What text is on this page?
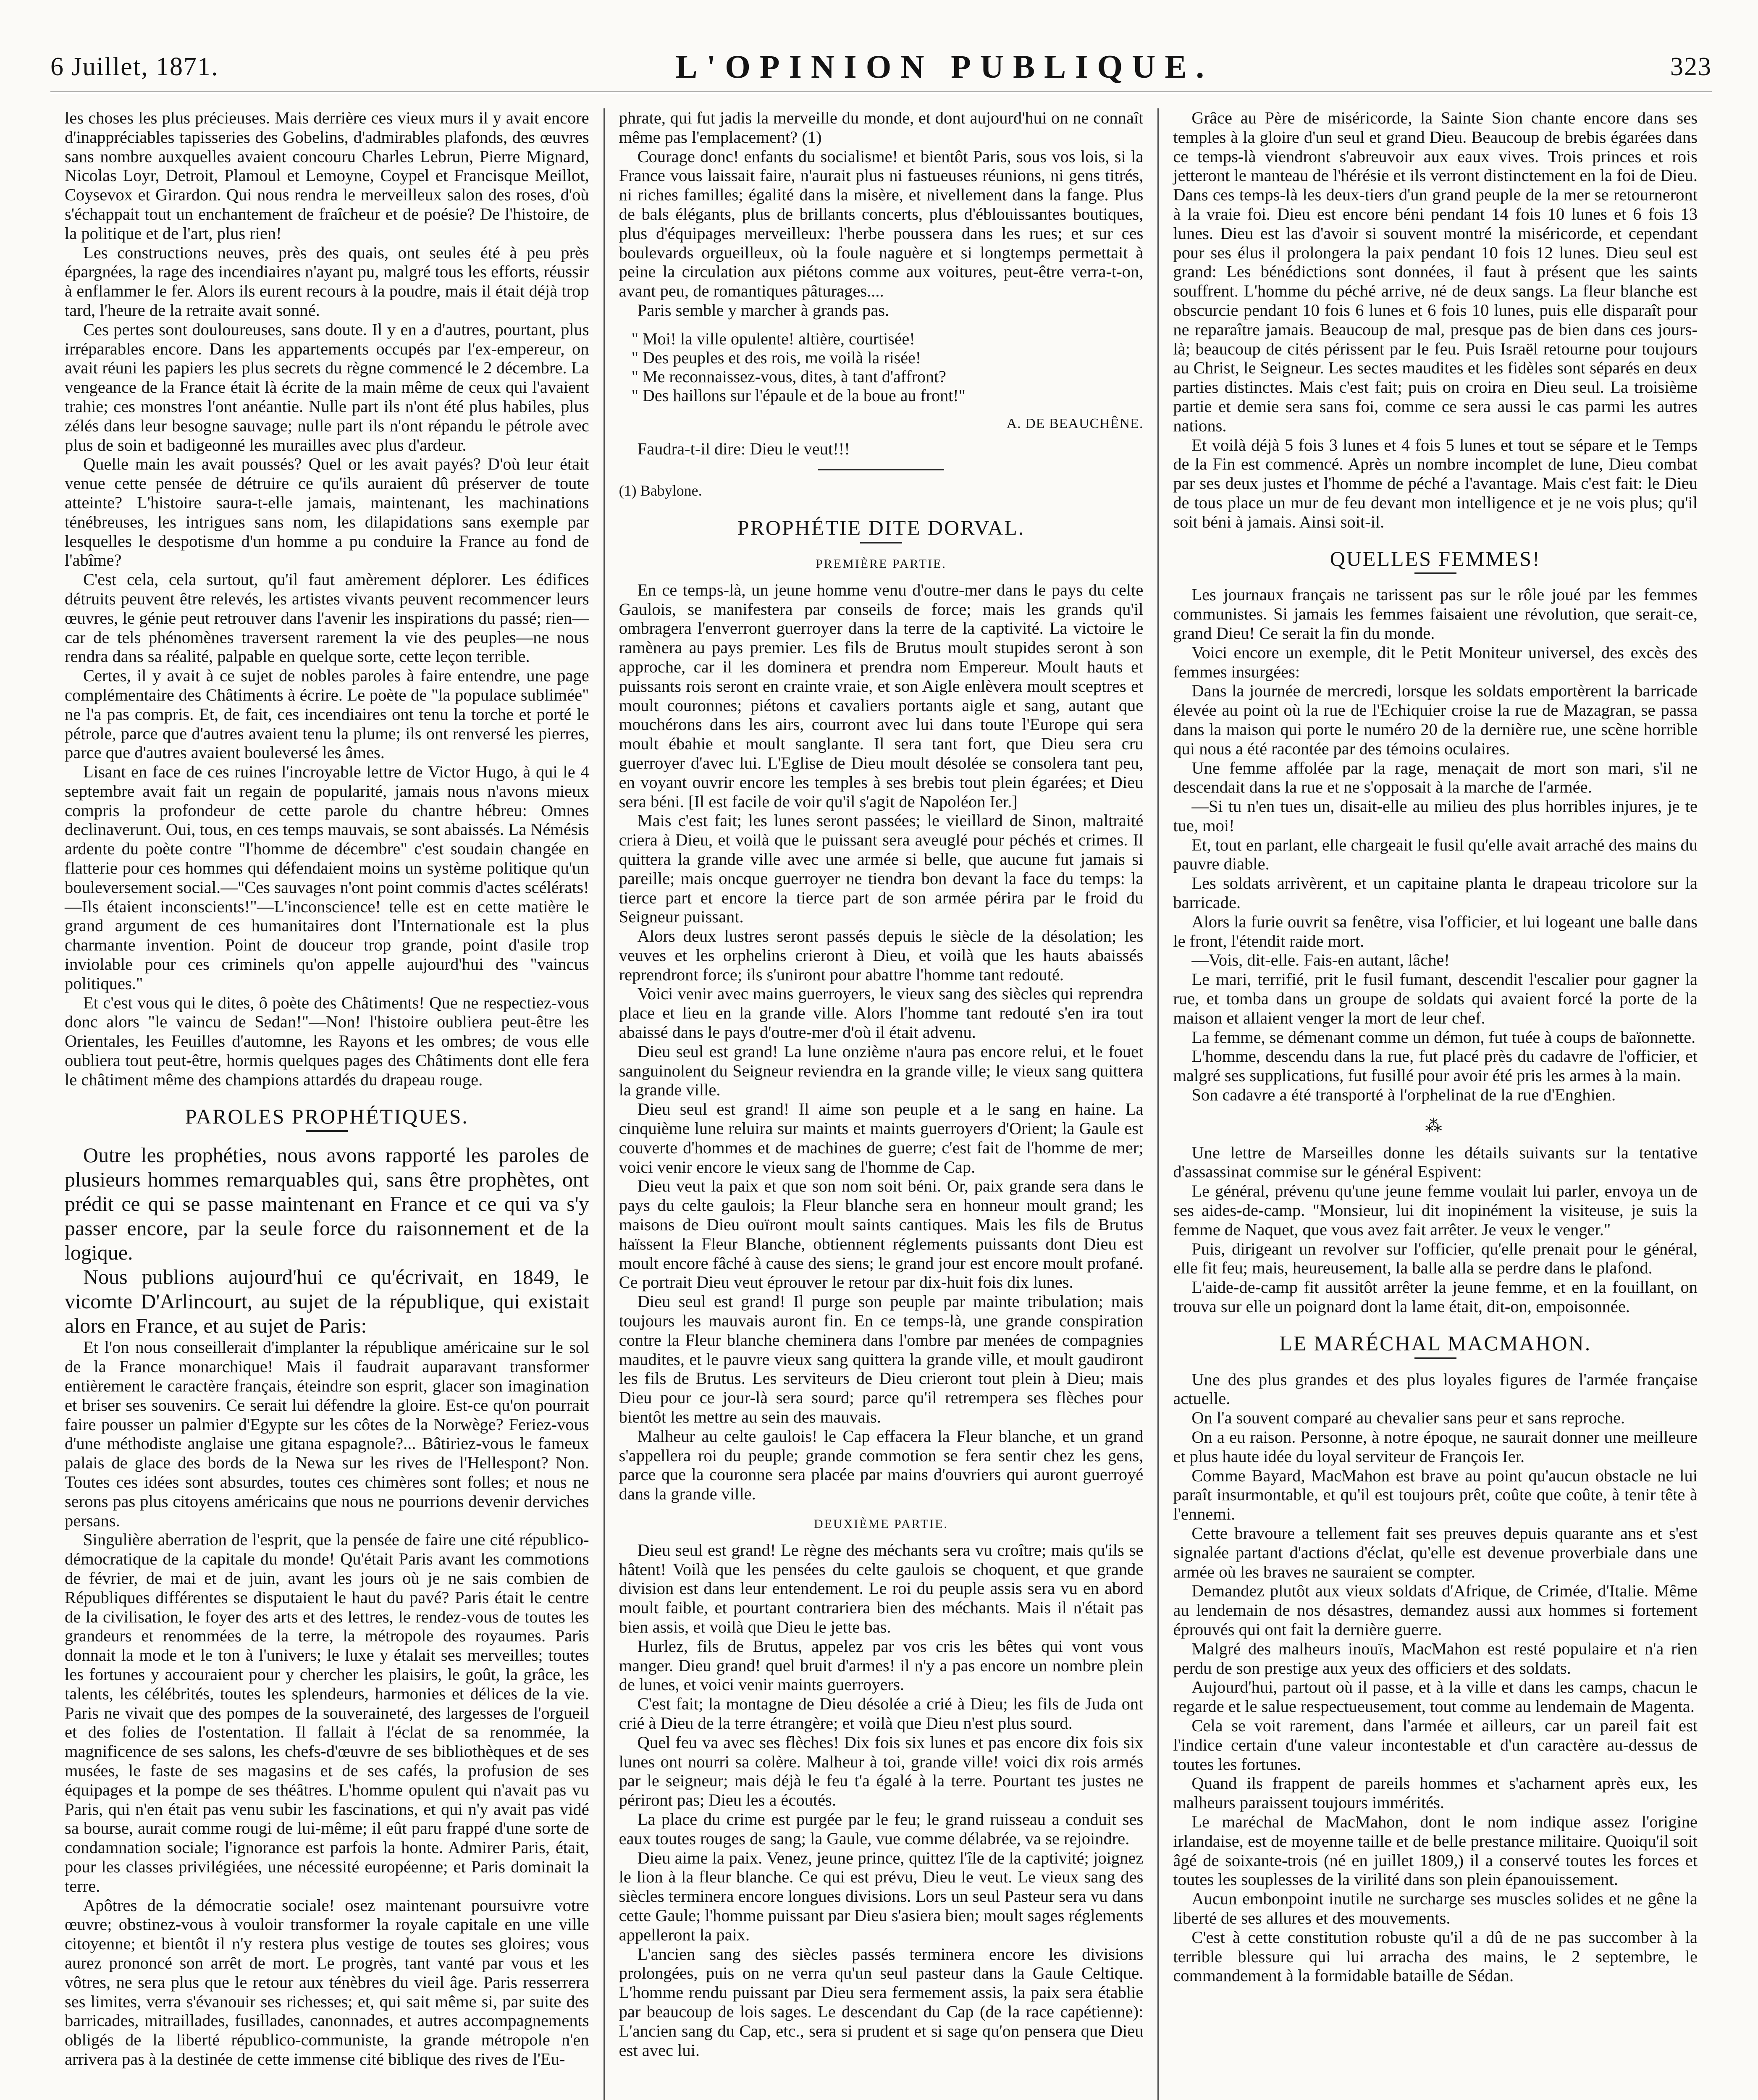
6 Juillet, 1871.	L'OPINION PUBLIQUE.	323

les choses les plus précieuses. Mais derrière ces vieux murs il y avait encore d'inappréciables tapisseries des Gobelins, d'admirables plafonds, des œuvres sans nombre auxquelles avaient concouru Charles Lebrun, Pierre Mignard, Nicolas Loyr, Detroit, Plamoul et Lemoyne, Coypel et Francisque Meillot, Coysevox et Girardon. Qui nous rendra le merveilleux salon des roses, d'où s'échappait tout un enchantement de fraîcheur et de poésie? De l'histoire, de la politique et de l'art, plus rien!

Les constructions neuves, près des quais, ont seules été à peu près épargnées, la rage des incendiaires n'ayant pu, malgré tous les efforts, réussir à enflammer le fer. Alors ils eurent recours à la poudre, mais il était déjà trop tard, l'heure de la retraite avait sonné.

Ces pertes sont douloureuses, sans doute. Il y en a d'autres, pourtant, plus irréparables encore. Dans les appartements occupés par l'ex-empereur, on avait réuni les papiers les plus secrets du règne commencé le 2 décembre. La vengeance de la France était là écrite de la main même de ceux qui l'avaient trahie; ces monstres l'ont anéantie. Nulle part ils n'ont été plus habiles, plus zélés dans leur besogne sauvage; nulle part ils n'ont répandu le pétrole avec plus de soin et badigeonné les murailles avec plus d'ardeur.

Quelle main les avait poussés? Quel or les avait payés? D'où leur était venue cette pensée de détruire ce qu'ils auraient dû préserver de toute atteinte? L'histoire saura-t-elle jamais, maintenant, les machinations ténébreuses, les intrigues sans nom, les dilapidations sans exemple par lesquelles le despotisme d'un homme a pu conduire la France au fond de l'abîme?

C'est cela, cela surtout, qu'il faut amèrement déplorer. Les édifices détruits peuvent être relevés, les artistes vivants peuvent recommencer leurs œuvres, le génie peut retrouver dans l'avenir les inspirations du passé; rien—car de tels phénomènes traversent rarement la vie des peuples—ne nous rendra dans sa réalité, palpable en quelque sorte, cette leçon terrible.

Certes, il y avait à ce sujet de nobles paroles à faire entendre, une page complémentaire des Châtiments à écrire. Le poète de "la populace sublimée" ne l'a pas compris. Et, de fait, ces incendiaires ont tenu la torche et porté le pétrole, parce que d'autres avaient tenu la plume; ils ont renversé les pierres, parce que d'autres avaient bouleversé les âmes.

Lisant en face de ces ruines l'incroyable lettre de Victor Hugo, à qui le 4 septembre avait fait un regain de popularité, jamais nous n'avons mieux compris la profondeur de cette parole du chantre hébreu: Omnes declinaverunt. Oui, tous, en ces temps mauvais, se sont abaissés. La Némésis ardente du poète contre "l'homme de décembre" c'est soudain changée en flatterie pour ces hommes qui défendaient moins un système politique qu'un bouleversement social.—"Ces sauvages n'ont point commis d'actes scélérats!—Ils étaient inconscients!"—L'inconscience! telle est en cette matière le grand argument de ces humanitaires dont l'Internationale est la plus charmante invention. Point de douceur trop grande, point d'asile trop inviolable pour ces criminels qu'on appelle aujourd'hui des "vaincus politiques."

Et c'est vous qui le dites, ô poète des Châtiments! Que ne respectiez-vous donc alors "le vaincu de Sedan!"—Non! l'histoire oubliera peut-être les Orientales, les Feuilles d'automne, les Rayons et les ombres; de vous elle oubliera tout peut-être, hormis quelques pages des Châtiments dont elle fera le châtiment même des champions attardés du drapeau rouge.

PAROLES PROPHÉTIQUES.

Outre les prophéties, nous avons rapporté les paroles de plusieurs hommes remarquables qui, sans être prophètes, ont prédit ce qui se passe maintenant en France et ce qui va s'y passer encore, par la seule force du raisonnement et de la logique.

Nous publions aujourd'hui ce qu'écrivait, en 1849, le vicomte D'Arlincourt, au sujet de la république, qui existait alors en France, et au sujet de Paris:

Et l'on nous conseillerait d'implanter la république américaine sur le sol de la France monarchique! Mais il faudrait auparavant transformer entièrement le caractère français, éteindre son esprit, glacer son imagination et briser ses souvenirs. Ce serait lui défendre la gloire. Est-ce qu'on pourrait faire pousser un palmier d'Egypte sur les côtes de la Norwège? Feriez-vous d'une méthodiste anglaise une gitana espagnole?... Bâtiriez-vous le fameux palais de glace des bords de la Newa sur les rives de l'Hellespont? Non. Toutes ces idées sont absurdes, toutes ces chimères sont folles; et nous ne serons pas plus citoyens américains que nous ne pourrions devenir derviches persans.

Singulière aberration de l'esprit, que la pensée de faire une cité républico-démocratique de la capitale du monde! Qu'était Paris avant les commotions de février, de mai et de juin, avant les jours où je ne sais combien de Républiques différentes se disputaient le haut du pavé? Paris était le centre de la civilisation, le foyer des arts et des lettres, le rendez-vous de toutes les grandeurs et renommées de la terre, la métropole des royaumes. Paris donnait la mode et le ton à l'univers; le luxe y étalait ses merveilles; toutes les fortunes y accouraient pour y chercher les plaisirs, le goût, la grâce, les talents, les célébrités, toutes les splendeurs, harmonies et délices de la vie. Paris ne vivait que des pompes de la souveraineté, des largesses de l'orgueil et des folies de l'ostentation. Il fallait à l'éclat de sa renommée, la magnificence de ses salons, les chefs-d'œuvre de ses bibliothèques et de ses musées, le faste de ses magasins et de ses cafés, la profusion de ses équipages et la pompe de ses théâtres. L'homme opulent qui n'avait pas vu Paris, qui n'en était pas venu subir les fascinations, et qui n'y avait pas vidé sa bourse, aurait comme rougi de lui-même; il eût paru frappé d'une sorte de condamnation sociale; l'ignorance est parfois la honte. Admirer Paris, était, pour les classes privilégiées, une nécessité européenne; et Paris dominait la terre.

Apôtres de la démocratie sociale! osez maintenant poursuivre votre œuvre; obstinez-vous à vouloir transformer la royale capitale en une ville citoyenne; et bientôt il n'y restera plus vestige de toutes ses gloires; vous aurez prononcé son arrêt de mort. Le progrès, tant vanté par vous et les vôtres, ne sera plus que le retour aux ténèbres du vieil âge. Paris resserrera ses limites, verra s'évanouir ses richesses; et, qui sait même si, par suite des barricades, mitraillades, fusillades, canonnades, et autres accompagnements obligés de la liberté républico-communiste, la grande métropole n'en arrivera pas à la destinée de cette immense cité biblique des rives de l'Eu-

phrate, qui fut jadis la merveille du monde, et dont aujourd'hui on ne connaît même pas l'emplacement? (1)

Courage donc! enfants du socialisme! et bientôt Paris, sous vos lois, si la France vous laissait faire, n'aurait plus ni fastueuses réunions, ni gens titrés, ni riches familles; égalité dans la misère, et nivellement dans la fange. Plus de bals élégants, plus de brillants concerts, plus d'éblouissantes boutiques, plus d'équipages merveilleux: l'herbe poussera dans les rues; et sur ces boulevards orgueilleux, où la foule naguère et si longtemps permettait à peine la circulation aux piétons comme aux voitures, peut-être verra-t-on, avant peu, de romantiques pâturages....

Paris semble y marcher à grands pas.

" Moi! la ville opulente! altière, courtisée!

" Des peuples et des rois, me voilà la risée!

" Me reconnaissez-vous, dites, à tant d'affront?

" Des haillons sur l'épaule et de la boue au front!"

A. DE BEAUCHÊNE.

Faudra-t-il dire: Dieu le veut!!!

(1) Babylone.

PROPHÉTIE DITE DORVAL.
PREMIÈRE PARTIE.

En ce temps-là, un jeune homme venu d'outre-mer dans le pays du celte Gaulois, se manifestera par conseils de force; mais les grands qu'il ombragera l'enverront guerroyer dans la terre de la captivité. La victoire le ramènera au pays premier. Les fils de Brutus moult stupides seront à son approche, car il les dominera et prendra nom Empereur. Moult hauts et puissants rois seront en crainte vraie, et son Aigle enlèvera moult sceptres et moult couronnes; piétons et cavaliers portants aigle et sang, autant que mouchérons dans les airs, courront avec lui dans toute l'Europe qui sera moult ébahie et moult sanglante. Il sera tant fort, que Dieu sera cru guerroyer d'avec lui. L'Eglise de Dieu moult désolée se consolera tant peu, en voyant ouvrir encore les temples à ses brebis tout plein égarées; et Dieu sera béni. [Il est facile de voir qu'il s'agit de Napoléon Ier.]

Mais c'est fait; les lunes seront passées; le vieillard de Sinon, maltraité criera à Dieu, et voilà que le puissant sera aveuglé pour péchés et crimes. Il quittera la grande ville avec une armée si belle, que aucune fut jamais si pareille; mais oncque guerroyer ne tiendra bon devant la face du temps: la tierce part et encore la tierce part de son armée périra par le froid du Seigneur puissant.

Alors deux lustres seront passés depuis le siècle de la désolation; les veuves et les orphelins crieront à Dieu, et voilà que les hauts abaissés reprendront force; ils s'uniront pour abattre l'homme tant redouté.

Voici venir avec mains guerroyers, le vieux sang des siècles qui reprendra place et lieu en la grande ville. Alors l'homme tant redouté s'en ira tout abaissé dans le pays d'outre-mer d'où il était advenu.

Dieu seul est grand! La lune onzième n'aura pas encore relui, et le fouet sanguinolent du Seigneur reviendra en la grande ville; le vieux sang quittera la grande ville.

Dieu seul est grand! Il aime son peuple et a le sang en haine. La cinquième lune reluira sur maints et maints guerroyers d'Orient; la Gaule est couverte d'hommes et de machines de guerre; c'est fait de l'homme de mer; voici venir encore le vieux sang de l'homme de Cap.

Dieu veut la paix et que son nom soit béni. Or, paix grande sera dans le pays du celte gaulois; la Fleur blanche sera en honneur moult grand; les maisons de Dieu ouïront moult saints cantiques. Mais les fils de Brutus haïssent la Fleur Blanche, obtiennent réglements puissants dont Dieu est moult encore fâché à cause des siens; le grand jour est encore moult profané. Ce portrait Dieu veut éprouver le retour par dix-huit fois dix lunes.

Dieu seul est grand! Il purge son peuple par mainte tribulation; mais toujours les mauvais auront fin. En ce temps-là, une grande conspiration contre la Fleur blanche cheminera dans l'ombre par menées de compagnies maudites, et le pauvre vieux sang quittera la grande ville, et moult gaudiront les fils de Brutus. Les serviteurs de Dieu crieront tout plein à Dieu; mais Dieu pour ce jour-là sera sourd; parce qu'il retrempera ses flèches pour bientôt les mettre au sein des mauvais.

Malheur au celte gaulois! le Cap effacera la Fleur blanche, et un grand s'appellera roi du peuple; grande commotion se fera sentir chez les gens, parce que la couronne sera placée par mains d'ouvriers qui auront guerroyé dans la grande ville.

DEUXIÈME PARTIE.

Dieu seul est grand! Le règne des méchants sera vu croître; mais qu'ils se hâtent! Voilà que les pensées du celte gaulois se choquent, et que grande division est dans leur entendement. Le roi du peuple assis sera vu en abord moult faible, et pourtant contrariera bien des méchants. Mais il n'était pas bien assis, et voilà que Dieu le jette bas.

Hurlez, fils de Brutus, appelez par vos cris les bêtes qui vont vous manger. Dieu grand! quel bruit d'armes! il n'y a pas encore un nombre plein de lunes, et voici venir maints guerroyers.

C'est fait; la montagne de Dieu désolée a crié à Dieu; les fils de Juda ont crié à Dieu de la terre étrangère; et voilà que Dieu n'est plus sourd.

Quel feu va avec ses flèches! Dix fois six lunes et pas encore dix fois six lunes ont nourri sa colère. Malheur à toi, grande ville! voici dix rois armés par le seigneur; mais déjà le feu t'a égalé à la terre. Pourtant tes justes ne périront pas; Dieu les a écoutés.

La place du crime est purgée par le feu; le grand ruisseau a conduit ses eaux toutes rouges de sang; la Gaule, vue comme délabrée, va se rejoindre.

Dieu aime la paix. Venez, jeune prince, quittez l'île de la captivité; joignez le lion à la fleur blanche. Ce qui est prévu, Dieu le veut. Le vieux sang des siècles terminera encore longues divisions. Lors un seul Pasteur sera vu dans cette Gaule; l'homme puissant par Dieu s'asiera bien; moult sages réglements appelleront la paix.

L'ancien sang des siècles passés terminera encore les divisions prolongées, puis on ne verra qu'un seul pasteur dans la Gaule Celtique. L'homme rendu puissant par Dieu sera fermement assis, la paix sera établie par beaucoup de lois sages. Le descendant du Cap (de la race capétienne): L'ancien sang du Cap, etc., sera si prudent et si sage qu'on pensera que Dieu est avec lui.

Grâce au Père de miséricorde, la Sainte Sion chante encore dans ses temples à la gloire d'un seul et grand Dieu. Beaucoup de brebis égarées dans ce temps-là viendront s'abreuvoir aux eaux vives. Trois princes et rois jetteront le manteau de l'hérésie et ils verront distinctement en la foi de Dieu. Dans ces temps-là les deux-tiers d'un grand peuple de la mer se retourneront à la vraie foi. Dieu est encore béni pendant 14 fois 10 lunes et 6 fois 13 lunes. Dieu est las d'avoir si souvent montré la miséricorde, et cependant pour ses élus il prolongera la paix pendant 10 fois 12 lunes. Dieu seul est grand: Les bénédictions sont données, il faut à présent que les saints souffrent. L'homme du péché arrive, né de deux sangs. La fleur blanche est obscurcie pendant 10 fois 6 lunes et 6 fois 10 lunes, puis elle disparaît pour ne reparaître jamais. Beaucoup de mal, presque pas de bien dans ces jours-là; beaucoup de cités périssent par le feu. Puis Israël retourne pour toujours au Christ, le Seigneur. Les sectes maudites et les fidèles sont séparés en deux parties distinctes. Mais c'est fait; puis on croira en Dieu seul. La troisième partie et demie sera sans foi, comme ce sera aussi le cas parmi les autres nations.

Et voilà déjà 5 fois 3 lunes et 4 fois 5 lunes et tout se sépare et le Temps de la Fin est commencé. Après un nombre incomplet de lune, Dieu combat par ses deux justes et l'homme de péché a l'avantage. Mais c'est fait: le Dieu de tous place un mur de feu devant mon intelligence et je ne vois plus; qu'il soit béni à jamais. Ainsi soit-il.

QUELLES FEMMES!

Les journaux français ne tarissent pas sur le rôle joué par les femmes communistes. Si jamais les femmes faisaient une révolution, que serait-ce, grand Dieu! Ce serait la fin du monde.

Voici encore un exemple, dit le Petit Moniteur universel, des excès des femmes insurgées:

Dans la journée de mercredi, lorsque les soldats emportèrent la barricade élevée au point où la rue de l'Echiquier croise la rue de Mazagran, se passa dans la maison qui porte le numéro 20 de la dernière rue, une scène horrible qui nous a été racontée par des témoins oculaires.

Une femme affolée par la rage, menaçait de mort son mari, s'il ne descendait dans la rue et ne s'opposait à la marche de l'armée.

—Si tu n'en tues un, disait-elle au milieu des plus horribles injures, je te tue, moi!

Et, tout en parlant, elle chargeait le fusil qu'elle avait arraché des mains du pauvre diable.

Les soldats arrivèrent, et un capitaine planta le drapeau tricolore sur la barricade.

Alors la furie ouvrit sa fenêtre, visa l'officier, et lui logeant une balle dans le front, l'étendit raide mort.

—Vois, dit-elle. Fais-en autant, lâche!

Le mari, terrifié, prit le fusil fumant, descendit l'escalier pour gagner la rue, et tomba dans un groupe de soldats qui avaient forcé la porte de la maison et allaient venger la mort de leur chef.

La femme, se démenant comme un démon, fut tuée à coups de baïonnette.

L'homme, descendu dans la rue, fut placé près du cadavre de l'officier, et malgré ses supplications, fut fusillé pour avoir été pris les armes à la main.

Son cadavre a été transporté à l'orphelinat de la rue d'Enghien.

⁂

Une lettre de Marseilles donne les détails suivants sur la tentative d'assassinat commise sur le général Espivent:

Le général, prévenu qu'une jeune femme voulait lui parler, envoya un de ses aides-de-camp. "Monsieur, lui dit inopinément la visiteuse, je suis la femme de Naquet, que vous avez fait arrêter. Je veux le venger."

Puis, dirigeant un revolver sur l'officier, qu'elle prenait pour le général, elle fit feu; mais, heureusement, la balle alla se perdre dans le plafond.

L'aide-de-camp fit aussitôt arrêter la jeune femme, et en la fouillant, on trouva sur elle un poignard dont la lame était, dit-on, empoisonnée.

LE MARÉCHAL MACMAHON.

Une des plus grandes et des plus loyales figures de l'armée française actuelle.

On l'a souvent comparé au chevalier sans peur et sans reproche.

On a eu raison. Personne, à notre époque, ne saurait donner une meilleure et plus haute idée du loyal serviteur de François Ier.

Comme Bayard, MacMahon est brave au point qu'aucun obstacle ne lui paraît insurmontable, et qu'il est toujours prêt, coûte que coûte, à tenir tête à l'ennemi.

Cette bravoure a tellement fait ses preuves depuis quarante ans et s'est signalée partant d'actions d'éclat, qu'elle est devenue proverbiale dans une armée où les braves ne sauraient se compter.

Demandez plutôt aux vieux soldats d'Afrique, de Crimée, d'Italie. Même au lendemain de nos désastres, demandez aussi aux hommes si fortement éprouvés qui ont fait la dernière guerre.

Malgré des malheurs inouïs, MacMahon est resté populaire et n'a rien perdu de son prestige aux yeux des officiers et des soldats.

Aujourd'hui, partout où il passe, et à la ville et dans les camps, chacun le regarde et le salue respectueusement, tout comme au lendemain de Magenta.

Cela se voit rarement, dans l'armée et ailleurs, car un pareil fait est l'indice certain d'une valeur incontestable et d'un caractère au-dessus de toutes les fortunes.

Quand ils frappent de pareils hommes et s'acharnent après eux, les malheurs paraissent toujours immérités.

Le maréchal de MacMahon, dont le nom indique assez l'origine irlandaise, est de moyenne taille et de belle prestance militaire. Quoiqu'il soit âgé de soixante-trois (né en juillet 1809,) il a conservé toutes les forces et toutes les souplesses de la virilité dans son plein épanouissement.

Aucun embonpoint inutile ne surcharge ses muscles solides et ne gêne la liberté de ses allures et des mouvements.

C'est à cette constitution robuste qu'il a dû de ne pas succomber à la terrible blessure qui lui arracha des mains, le 2 septembre, le commandement à la formidable bataille de Sédan.
